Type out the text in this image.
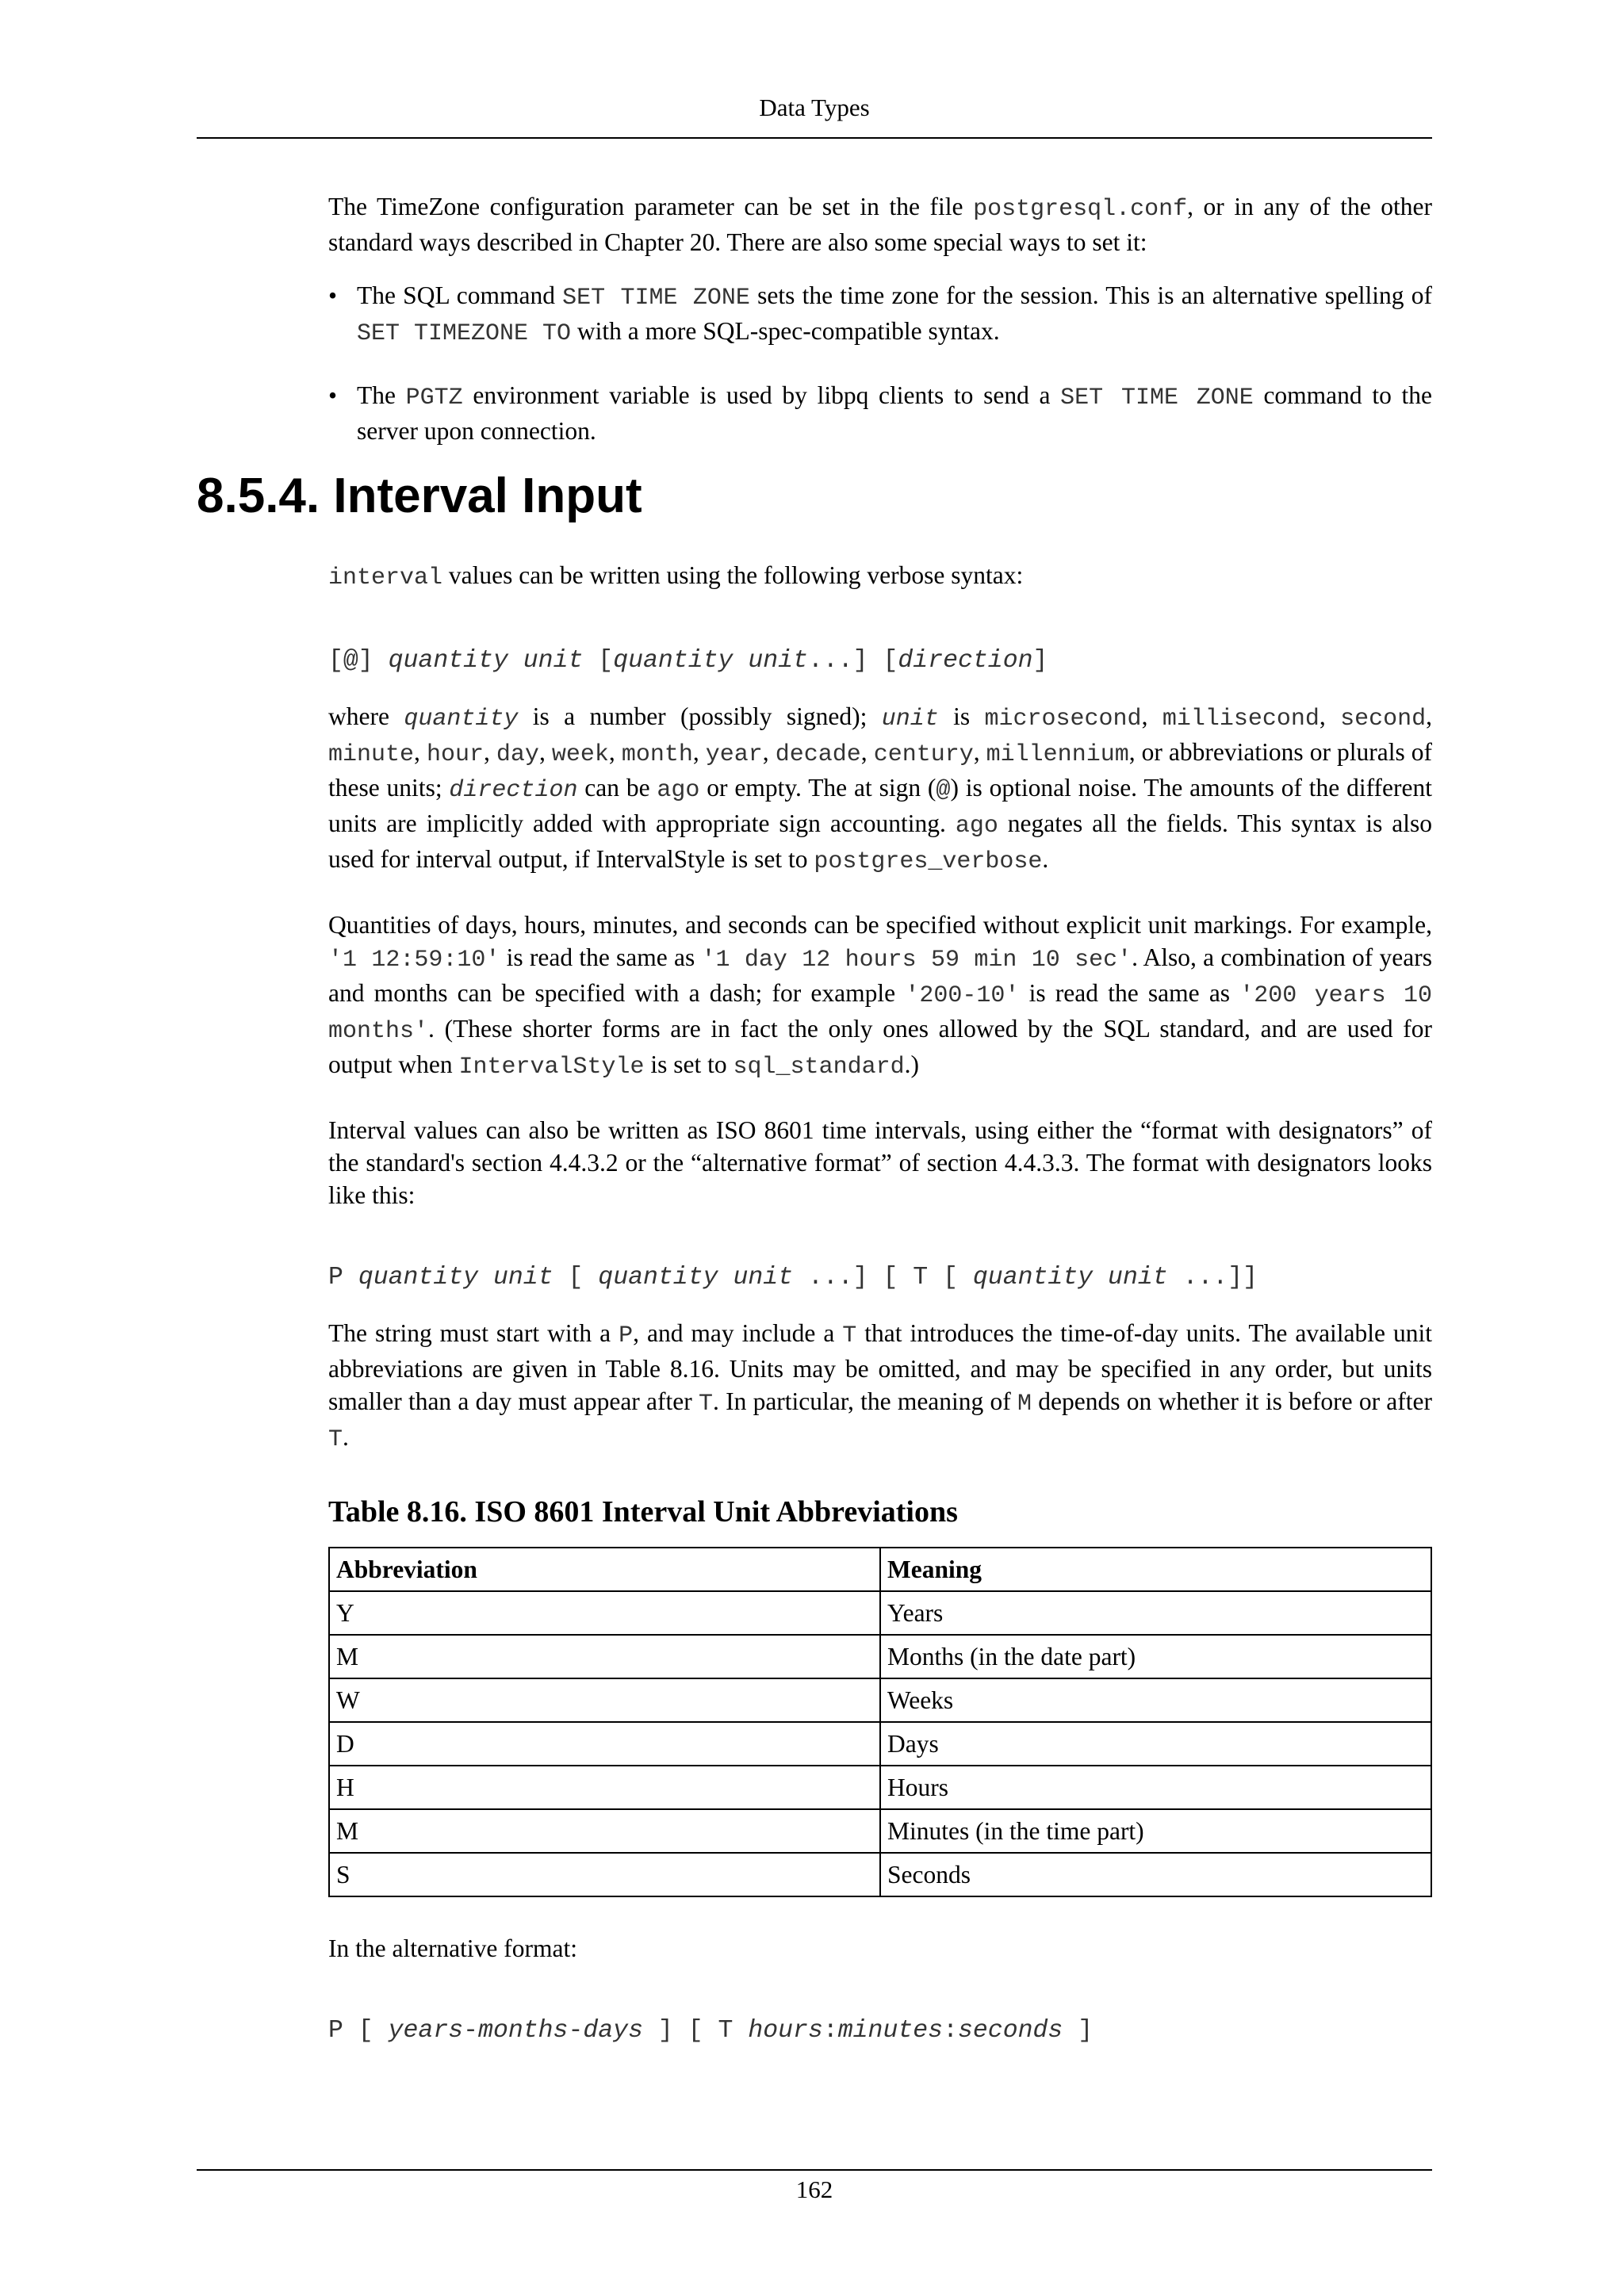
Data Types

The TimeZone configuration parameter can be set in the file postgresql.conf, or in any of the other standard ways described in Chapter 20. There are also some special ways to set it:

• The SQL command SET TIME ZONE sets the time zone for the session. This is an alternative spelling of SET TIMEZONE TO with a more SQL-spec-compatible syntax.
• The PGTZ environment variable is used by libpq clients to send a SET TIME ZONE command to the server upon connection.
8.5.4. Interval Input

interval values can be written using the following verbose syntax:

[@] quantity unit [quantity unit...] [direction]

where quantity is a number (possibly signed); unit is microsecond, millisecond, second, minute, hour, day, week, month, year, decade, century, millennium, or abbreviations or plurals of these units; direction can be ago or empty. The at sign (@) is optional noise. The amounts of the different units are implicitly added with appropriate sign accounting. ago negates all the fields. This syntax is also used for interval output, if IntervalStyle is set to postgres_verbose.

Quantities of days, hours, minutes, and seconds can be specified without explicit unit markings. For example, '1 12:59:10' is read the same as '1 day 12 hours 59 min 10 sec'. Also, a combination of years and months can be specified with a dash; for example '200-10' is read the same as '200 years 10 months'. (These shorter forms are in fact the only ones allowed by the SQL standard, and are used for output when IntervalStyle is set to sql_standard.)

Interval values can also be written as ISO 8601 time intervals, using either the “format with designators” of the standard's section 4.4.3.2 or the “alternative format” of section 4.4.3.3. The format with designators looks like this:

P quantity unit [ quantity unit ...] [ T [ quantity unit ...]]

The string must start with a P, and may include a T that introduces the time-of-day units. The available unit abbreviations are given in Table 8.16. Units may be omitted, and may be specified in any order, but units smaller than a day must appear after T. In particular, the meaning of M depends on whether it is before or after T.

Table 8.16. ISO 8601 Interval Unit Abbreviations
Abbreviation	Meaning
Y	Years
M	Months (in the date part)
W	Weeks
D	Days
H	Hours
M	Minutes (in the time part)
S	Seconds

In the alternative format:

P [ years-months-days ] [ T hours:minutes:seconds ]
162
